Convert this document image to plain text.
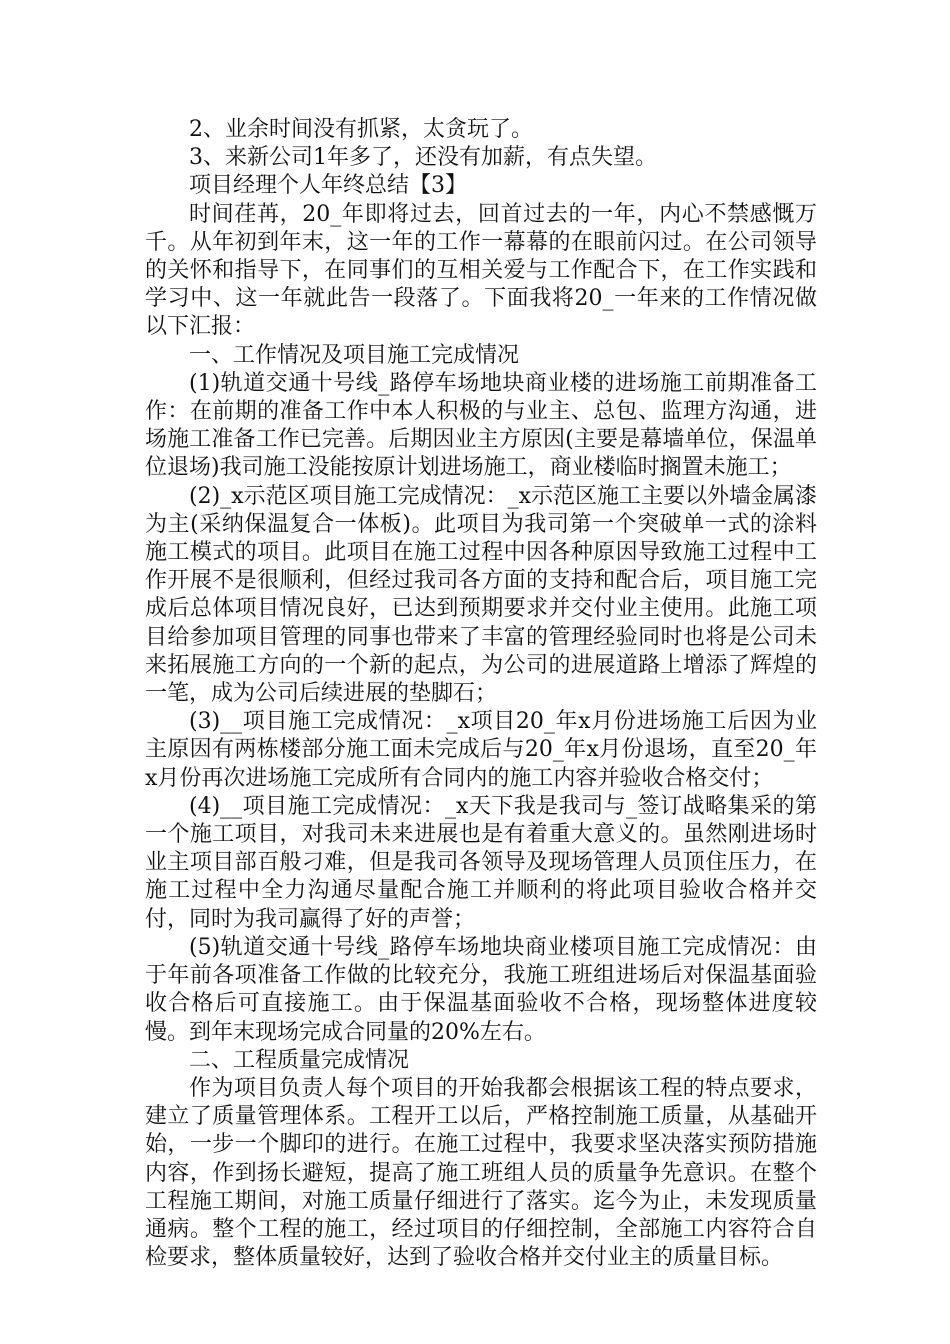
2、业余时间没有抓紧，太贪玩了。

3、来新公司1年多了，还没有加薪，有点失望。

项目经理个人年终总结【3】

时间荏苒，20_年即将过去，回首过去的一年，内心不禁感慨万千。从年初到年末，这一年的工作一幕幕的在眼前闪过。在公司领导的关怀和指导下，在同事们的互相关爱与工作配合下，在工作实践和学习中、这一年就此告一段落了。下面我将20_一年来的工作情况做以下汇报：

一、工作情况及项目施工完成情况

(1)轨道交通十号线_路停车场地块商业楼的进场施工前期准备工作：在前期的准备工作中本人积极的与业主、总包、监理方沟通，进场施工准备工作已完善。后期因业主方原因(主要是幕墙单位，保温单位退场)我司施工没能按原计划进场施工，商业楼临时搁置未施工；

(2)_x示范区项目施工完成情况：_x示范区施工主要以外墙金属漆为主(采纳保温复合一体板)。此项目为我司第一个突破单一式的涂料施工模式的项目。此项目在施工过程中因各种原因导致施工过程中工作开展不是很顺利，但经过我司各方面的支持和配合后，项目施工完成后总体项目情况良好，已达到预期要求并交付业主使用。此施工项目给参加项目管理的同事也带来了丰富的管理经验同时也将是公司未来拓展施工方向的一个新的起点，为公司的进展道路上增添了辉煌的一笔，成为公司后续进展的垫脚石；

(3)__项目施工完成情况：_x项目20_年x月份进场施工后因为业主原因有两栋楼部分施工面未完成后与20_年x月份退场，直至20_年x月份再次进场施工完成所有合同内的施工内容并验收合格交付；

(4)__项目施工完成情况：_x天下我是我司与_签订战略集采的第一个施工项目，对我司未来进展也是有着重大意义的。虽然刚进场时业主项目部百般刁难，但是我司各领导及现场管理人员顶住压力，在施工过程中全力沟通尽量配合施工并顺利的将此项目验收合格并交付，同时为我司赢得了好的声誉；

(5)轨道交通十号线_路停车场地块商业楼项目施工完成情况：由于年前各项准备工作做的比较充分，我施工班组进场后对保温基面验收合格后可直接施工。由于保温基面验收不合格，现场整体进度较慢。到年末现场完成合同量的20%左右。

二、工程质量完成情况

作为项目负责人每个项目的开始我都会根据该工程的特点要求，建立了质量管理体系。工程开工以后，严格控制施工质量，从基础开始，一步一个脚印的进行。在施工过程中，我要求坚决落实预防措施内容，作到扬长避短，提高了施工班组人员的质量争先意识。在整个工程施工期间，对施工质量仔细进行了落实。迄今为止，未发现质量通病。整个工程的施工，经过项目的仔细控制，全部施工内容符合自检要求，整体质量较好，达到了验收合格并交付业主的质量目标。
